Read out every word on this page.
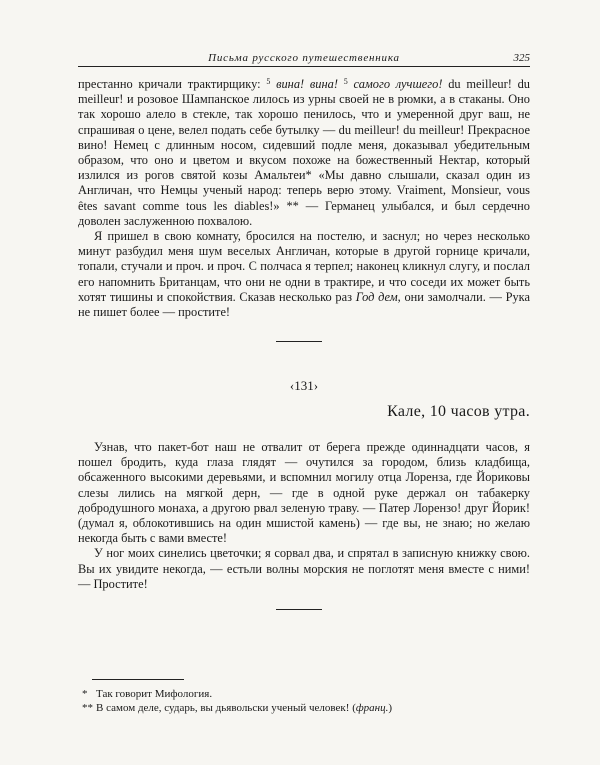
Письма русского путешественника	325

престанно кричали трактирщику: $^5$ вина! вина! $^5$ самого лучшего! du meilleur! du meilleur! и розовое Шампанское лилось из урны своей не в рюмки, а в стаканы. Оно так хорошо алело в стекле, так хорошо пенилось, что и умеренной друг ваш, не спрашивая о цене, велел подать себе бутылку — du meilleur! du meilleur! Прекрасное вино! Немец с длинным носом, сидевший подле меня, доказывал убедительным образом, что оно и цветом и вкусом похоже на божественный Нектар, который излился из рогов святой козы Амальтеи* «Мы давно слышали, сказал один из Англичан, что Немцы ученый народ: теперь верю этому. Vraiment, Monsieur, vous êtes savant comme tous les diables!» ** — Германец улыбался, и был сердечно доволен заслуженною похвалою.

Я пришел в свою комнату, бросился на постелю, и заснул; но через несколько минут разбудил меня шум веселых Англичан, которые в другой горнице кричали, топали, стучали и проч. и проч. С полчаса я терпел; наконец кликнул слугу, и послал его напомнить Британцам, что они не одни в трактире, и что соседи их может быть хотят тишины и спокойствия. Сказав несколько раз Год дем, они замолчали. — Рука не пишет более — простите!

‹131›
Кале, 10 часов утра.

Узнав, что пакет-бот наш не отвалит от берега прежде одиннадцати часов, я пошел бродить, куда глаза глядят — очутился за городом, близь кладбища, обсаженного высокими деревьями, и вспомнил могилу отца Лоренза, где Йориковы слезы лились на мягкой дерн, — где в одной руке держал он табакерку добродушного монаха, а другою рвал зеленую траву. — Патер Лорензо! друг Йорик! (думал я, облокотившись на один мшистой камень) — где вы, не знаю; но желаю некогда быть с вами вместе!

У ног моих синелись цветочки; я сорвал два, и спрятал в записную книжку свою. Вы их увидите некогда, — естьли волны морския не поглотят меня вместе с ними! — Простите!

* Так говорит Мифология.
** В самом деле, сударь, вы дьявольски ученый человек! (франц.)
